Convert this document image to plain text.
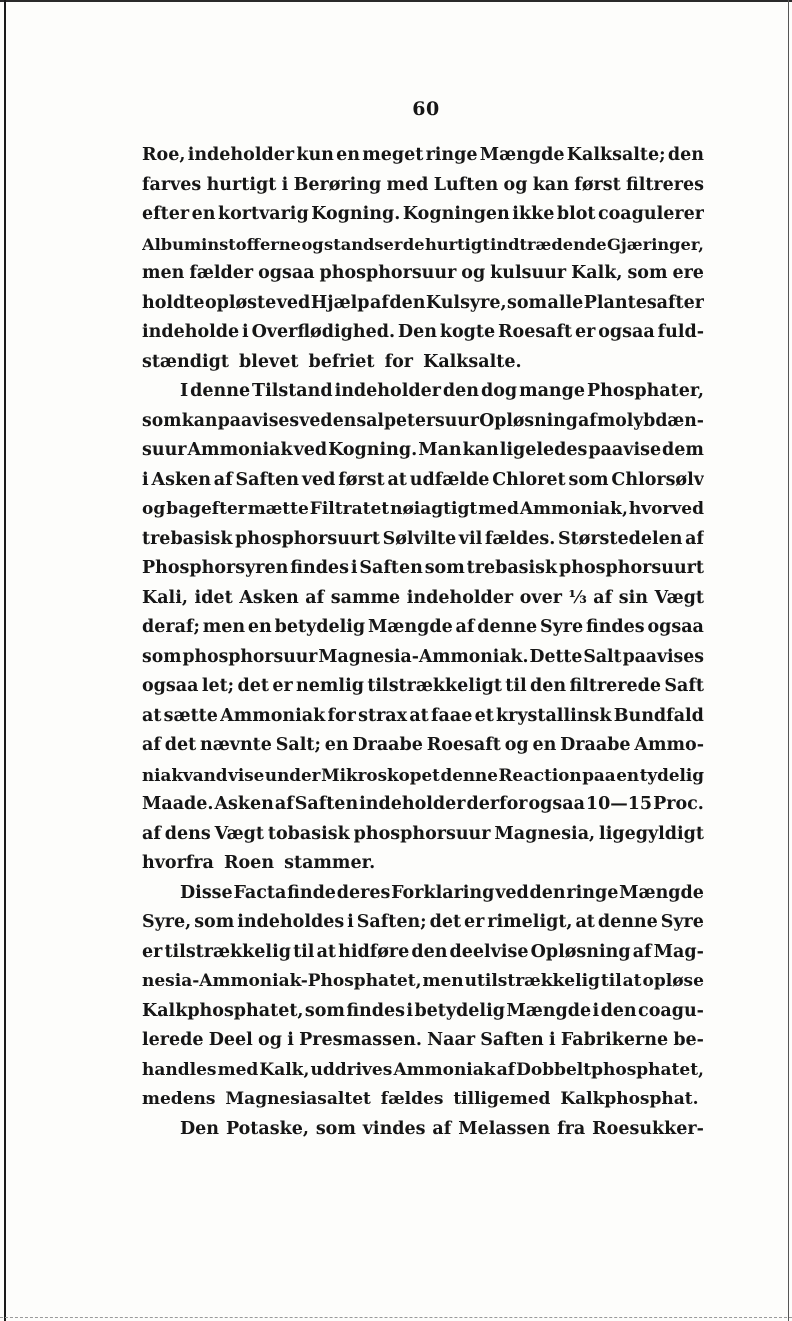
60
Roe, indeholder kun en meget ringe Mængde Kalksalte; den
farves hurtigt i Berøring med Luften og kan først filtreres
efter en kortvarig Kogning. Kogningen ikke blot coagulerer
Albuminstofferne og standser de hurtigt indtrædende Gjæringer,
men fælder ogsaa phosphorsuur og kulsuur Kalk, som ere
holdte opløste ved Hjælp af den Kulsyre, som alle Plantesafter
indeholde i Overflødighed. Den kogte Roesaft er ogsaa fuld-
stændigt blevet befriet for Kalksalte.
I denne Tilstand indeholder den dog mange Phosphater,
som kan paavises ved en salpetersuur Opløsning af molybdæn-
suur Ammoniak ved Kogning. Man kan ligeledes paavise dem
i Asken af Saften ved først at udfælde Chloret som Chlorsølv
og bagefter mætte Filtratet nøiagtigt med Ammoniak, hvorved
trebasisk phosphorsuurt Sølvilte vil fældes. Størstedelen af
Phosphorsyren findes i Saften som trebasisk phosphorsuurt
Kali, idet Asken af samme indeholder over ⅓ af sin Vægt
deraf; men en betydelig Mængde af denne Syre findes ogsaa
som phosphorsuur Magnesia-Ammoniak. Dette Salt paavises
ogsaa let; det er nemlig tilstrækkeligt til den filtrerede Saft
at sætte Ammoniak for strax at faae et krystallinsk Bundfald
af det nævnte Salt; en Draabe Roesaft og en Draabe Ammo-
niakvand vise under Mikroskopet denne Reaction paa en tydelig
Maade. Asken af Saften indeholder derfor ogsaa 10—15 Proc.
af dens Vægt tobasisk phosphorsuur Magnesia, ligegyldigt
hvorfra Roen stammer.
Disse Facta finde deres Forklaring ved den ringe Mængde
Syre, som indeholdes i Saften; det er rimeligt, at denne Syre
er tilstrækkelig til at hidføre den deelvise Opløsning af Mag-
nesia-Ammoniak-Phosphatet, men utilstrækkelig til at opløse
Kalkphosphatet, som findes i betydelig Mængde i den coagu-
lerede Deel og i Presmassen. Naar Saften i Fabrikerne be-
handles med Kalk, uddrives Ammoniak af Dobbeltphosphatet,
medens Magnesiasaltet fældes tilligemed Kalkphosphat.
Den Potaske, som vindes af Melassen fra Roesukker-
